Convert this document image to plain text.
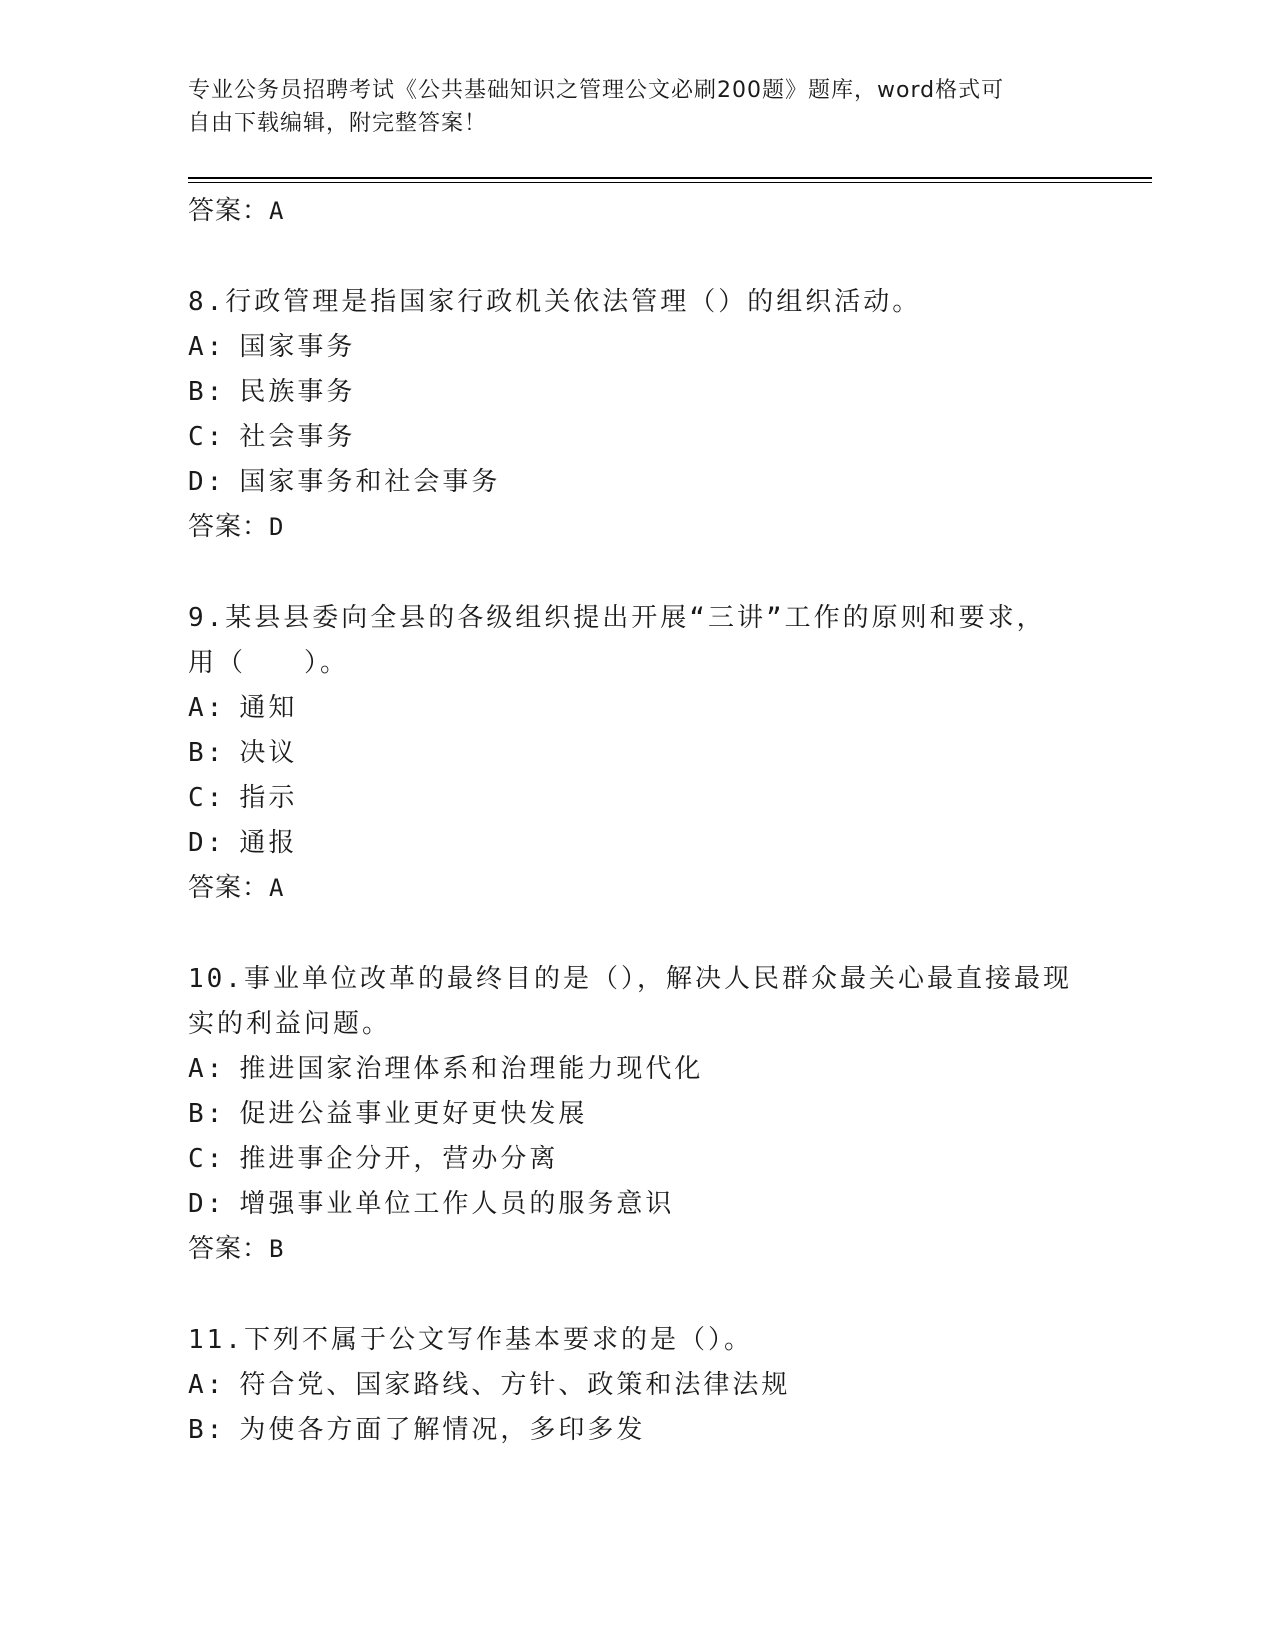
专业公务员招聘考试《公共基础知识之管理公文必刷200题》题库，word格式可
自由下载编辑，附完整答案！
答案：A
8.行政管理是指国家行政机关依法管理（）的组织活动。
A: 国家事务
B: 民族事务
C: 社会事务
D: 国家事务和社会事务
答案：D
9.某县县委向全县的各级组织提出开展“三讲”工作的原则和要求，
用（　　）。
A: 通知
B: 决议
C: 指示
D: 通报
答案：A
10.事业单位改革的最终目的是（），解决人民群众最关心最直接最现
实的利益问题。
A: 推进国家治理体系和治理能力现代化
B: 促进公益事业更好更快发展
C: 推进事企分开，营办分离
D: 增强事业单位工作人员的服务意识
答案：B
11.下列不属于公文写作基本要求的是（）。
A: 符合党、国家路线、方针、政策和法律法规
B: 为使各方面了解情况，多印多发
